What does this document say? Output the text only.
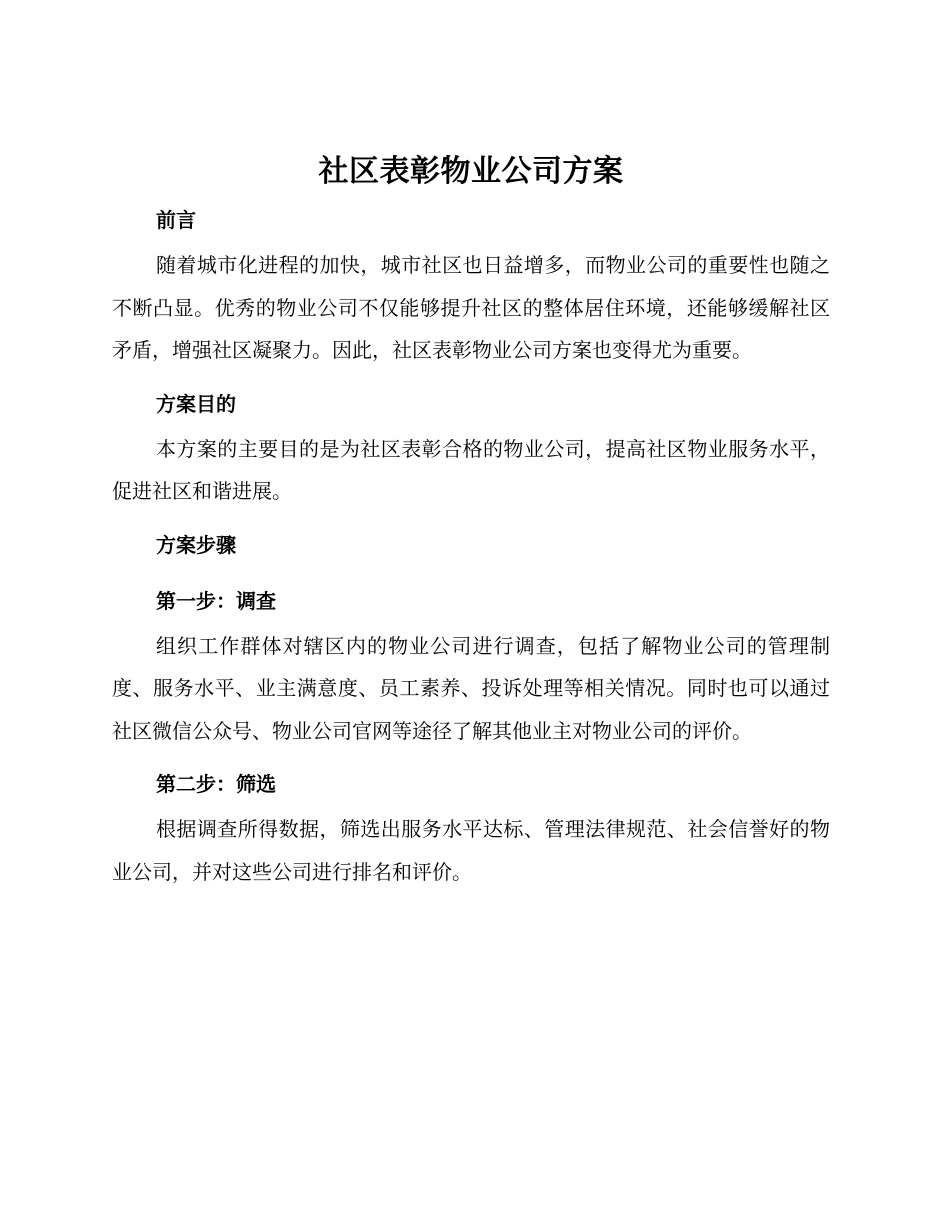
社区表彰物业公司方案
前言

随着城市化进程的加快，城市社区也日益增多，而物业公司的重要性也随之不断凸显。优秀的物业公司不仅能够提升社区的整体居住环境，还能够缓解社区矛盾，增强社区凝聚力。因此，社区表彰物业公司方案也变得尤为重要。

方案目的

本方案的主要目的是为社区表彰合格的物业公司，提高社区物业服务水平，促进社区和谐进展。

方案步骤
第一步：调查

组织工作群体对辖区内的物业公司进行调查，包括了解物业公司的管理制度、服务水平、业主满意度、员工素养、投诉处理等相关情况。同时也可以通过社区微信公众号、物业公司官网等途径了解其他业主对物业公司的评价。

第二步：筛选

根据调查所得数据，筛选出服务水平达标、管理法律规范、社会信誉好的物业公司，并对这些公司进行排名和评价。
